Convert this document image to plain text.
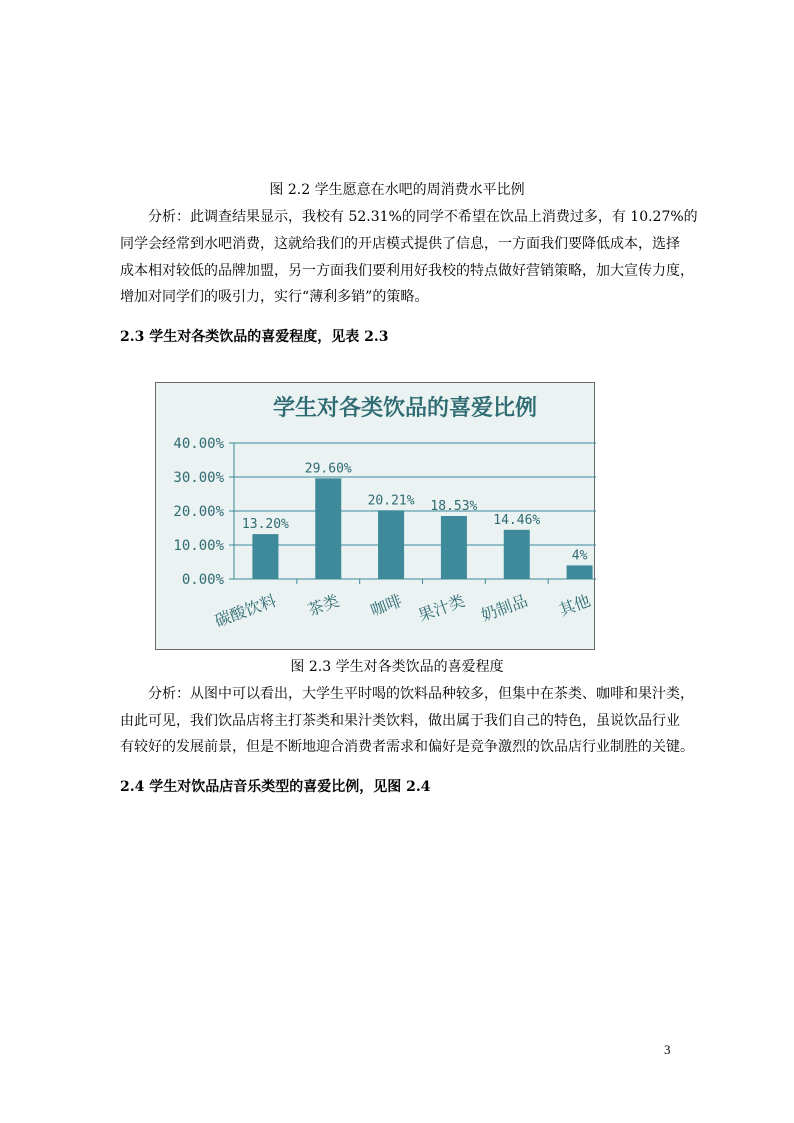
图 2.2 学生愿意在水吧的周消费水平比例
分析：此调查结果显示，我校有 52.31%的同学不希望在饮品上消费过多，有 10.27%的
同学会经常到水吧消费，这就给我们的开店模式提供了信息，一方面我们要降低成本，选择
成本相对较低的品牌加盟，另一方面我们要利用好我校的特点做好营销策略，加大宣传力度，
增加对同学们的吸引力，实行“薄利多销”的策略。
2.3 学生对各类饮品的喜爱程度，见表 2.3
0.00%
10.00%
20.00%
30.00%
40.00%
13.20%
碳酸饮料
29.60%
茶类
20.21%
咖啡
18.53%
果汁类
14.46%
奶制品
4%
其他
学生对各类饮品的喜爱比例
图 2.3 学生对各类饮品的喜爱程度
分析：从图中可以看出，大学生平时喝的饮料品种较多，但集中在茶类、咖啡和果汁类，
由此可见，我们饮品店将主打茶类和果汁类饮料，做出属于我们自己的特色，虽说饮品行业
有较好的发展前景，但是不断地迎合消费者需求和偏好是竞争激烈的饮品店行业制胜的关键。
2.4 学生对饮品店音乐类型的喜爱比例，见图 2.4
3
